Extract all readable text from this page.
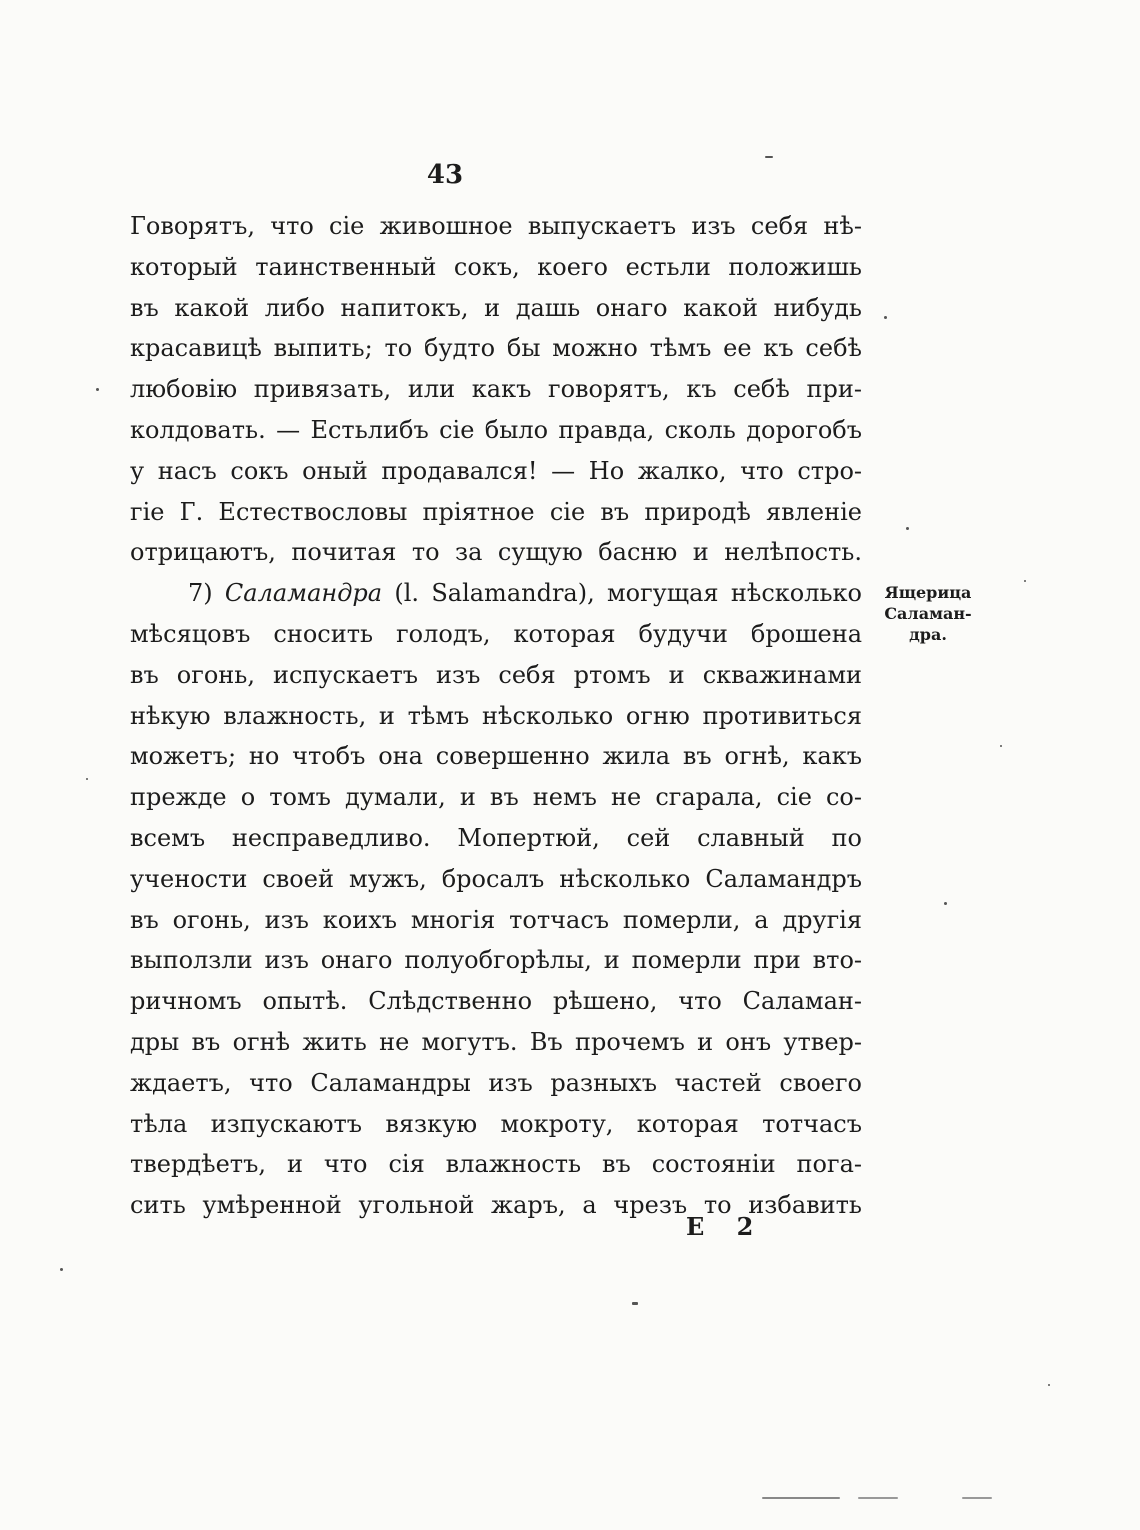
43
Говорятъ, что сіе живошное выпускаетъ изъ себя нѣ-
который таинственный сокъ, коего естьли положишь
въ какой либо напитокъ, и дашь онаго какой нибудь
красавицѣ выпить; то будто бы можно тѣмъ ее къ себѣ
любовію привязать, или какъ говорятъ, къ себѣ при-
колдовать. — Естьлибъ сіе было правда, сколь дорогобъ
у насъ сокъ оный продавался! — Но жалко, что стро-
гіе Г. Естествословы пріятное сіе въ природѣ явленіе
отрицаютъ, почитая то за сущую басню и нелѣпость.
7) Саламандра (l. Salamandra), могущая нѣсколько
мѣсяцовъ сносить голодъ, которая будучи брошена
въ огонь, испускаетъ изъ себя ртомъ и скважинами
нѣкую влажность, и тѣмъ нѣсколько огню противиться
можетъ; но чтобъ она совершенно жила въ огнѣ, какъ
прежде о томъ думали, и въ немъ не сгарала, сіе со-
всемъ несправедливо. Мопертюй, сей славный по
учености своей мужъ, бросалъ нѣсколько Саламандръ
въ огонь, изъ коихъ многія тотчасъ померли, а другія
выползли изъ онаго полуобгорѣлы, и померли при вто-
ричномъ опытѣ. Слѣдственно рѣшено, что Саламан-
дры въ огнѣ жить не могутъ. Въ прочемъ и онъ утвер-
ждаетъ, что Саламандры изъ разныхъ частей своего
тѣла изпускаютъ вязкую мокроту, которая тотчасъ
твердѣетъ, и что сія влажность въ состояніи пога-
сить умѣренной угольной жаръ, а чрезъ то избавить
Ящерица
Саламан-
дра.
E 2
